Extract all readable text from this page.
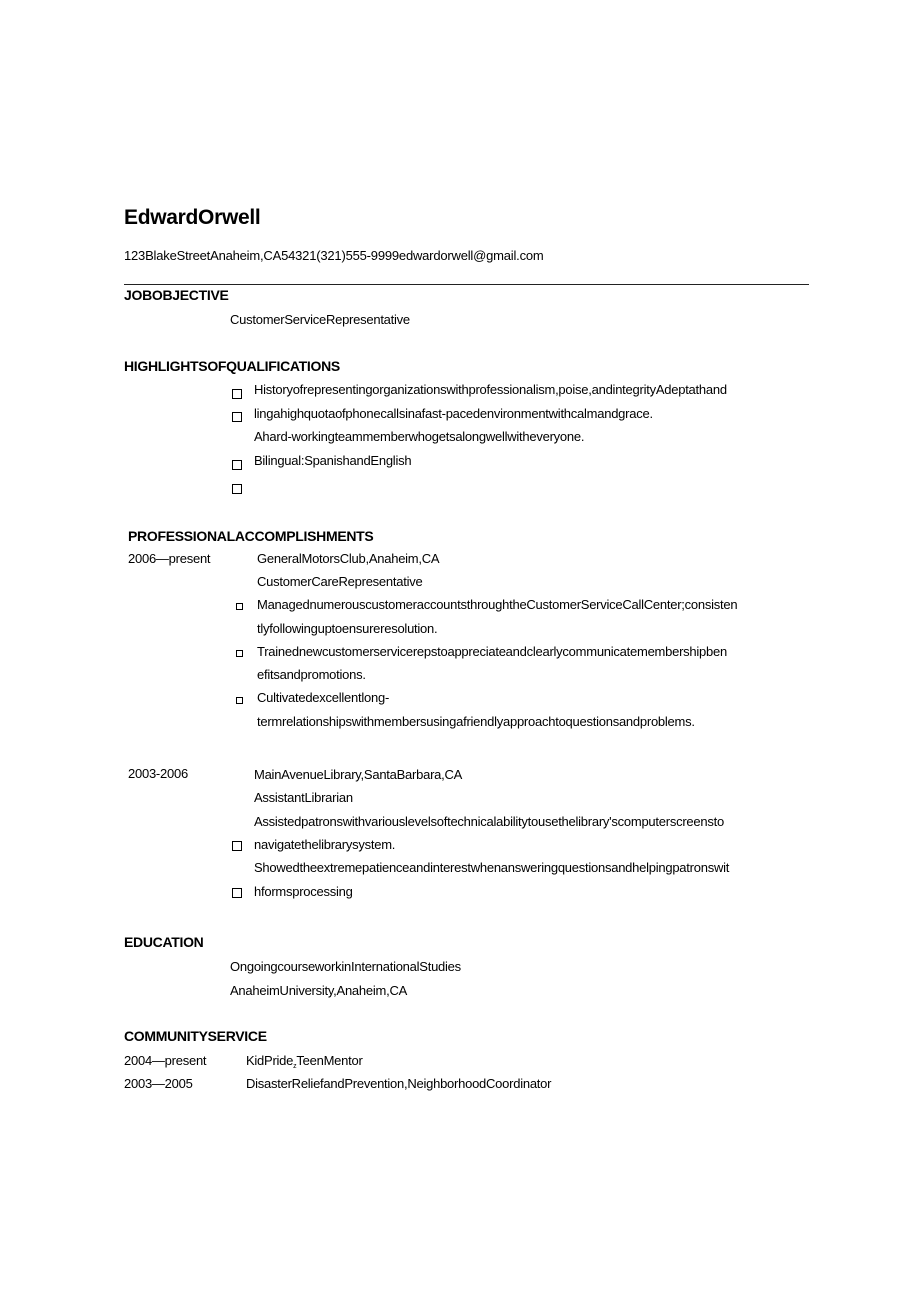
EdwardOrwell
123BlakeStreetAnaheim,CA54321(321)555-9999edwardorwell@gmail.com
JOBOBJECTIVE
CustomerServiceRepresentative
HIGHLIGHTSOFQUALIFICATIONS
Historyofrepresentingorganizationswithprofessionalism,poise,andintegrityAdeptathand
lingahighquotaofphonecallsinafast-pacedenvironmentwithcalmandgrace.
Ahard-workingteammemberwhogetsalongwellwitheveryone.
Bilingual:SpanishandEnglish
PROFESSIONALACCOMPLISHMENTS
2006—present	GeneralMotorsClub,Anaheim,CA
CustomerCareRepresentative
ManagednumerouscustomeraccountsthroughtheCustomerServiceCallCenter;consisten
tlyfollowinguptoensureresolution.
Trainednewcustomerservicerepstoappreciateandclearlycommunicatemembershipben
efitsandpromotions.
Cultivatedexcellentlong-
termrelationshipswithmembersusingafriendlyapproachtoquestionsandproblems.
2003-2006	MainAvenueLibrary,SantaBarbara,CA
AssistantLibrarian
Assistedpatronswithvariouslevelsoftechnicalabilitytousethelibrary'scomputerscreensto
navigatethelibrarysystem.
Showedtheextremepatienceandinterestwhenansweringquestionsandhelpingpatronswit
hformsprocessing
EDUCATION
OngoingcourseworkinInternationalStudies
AnaheimUniversity,Anaheim,CA
COMMUNITYSERVICE
2004—present	KidPride$_z$TeenMentor
2003—2005	DisasterReliefandPrevention,NeighborhoodCoordinator
